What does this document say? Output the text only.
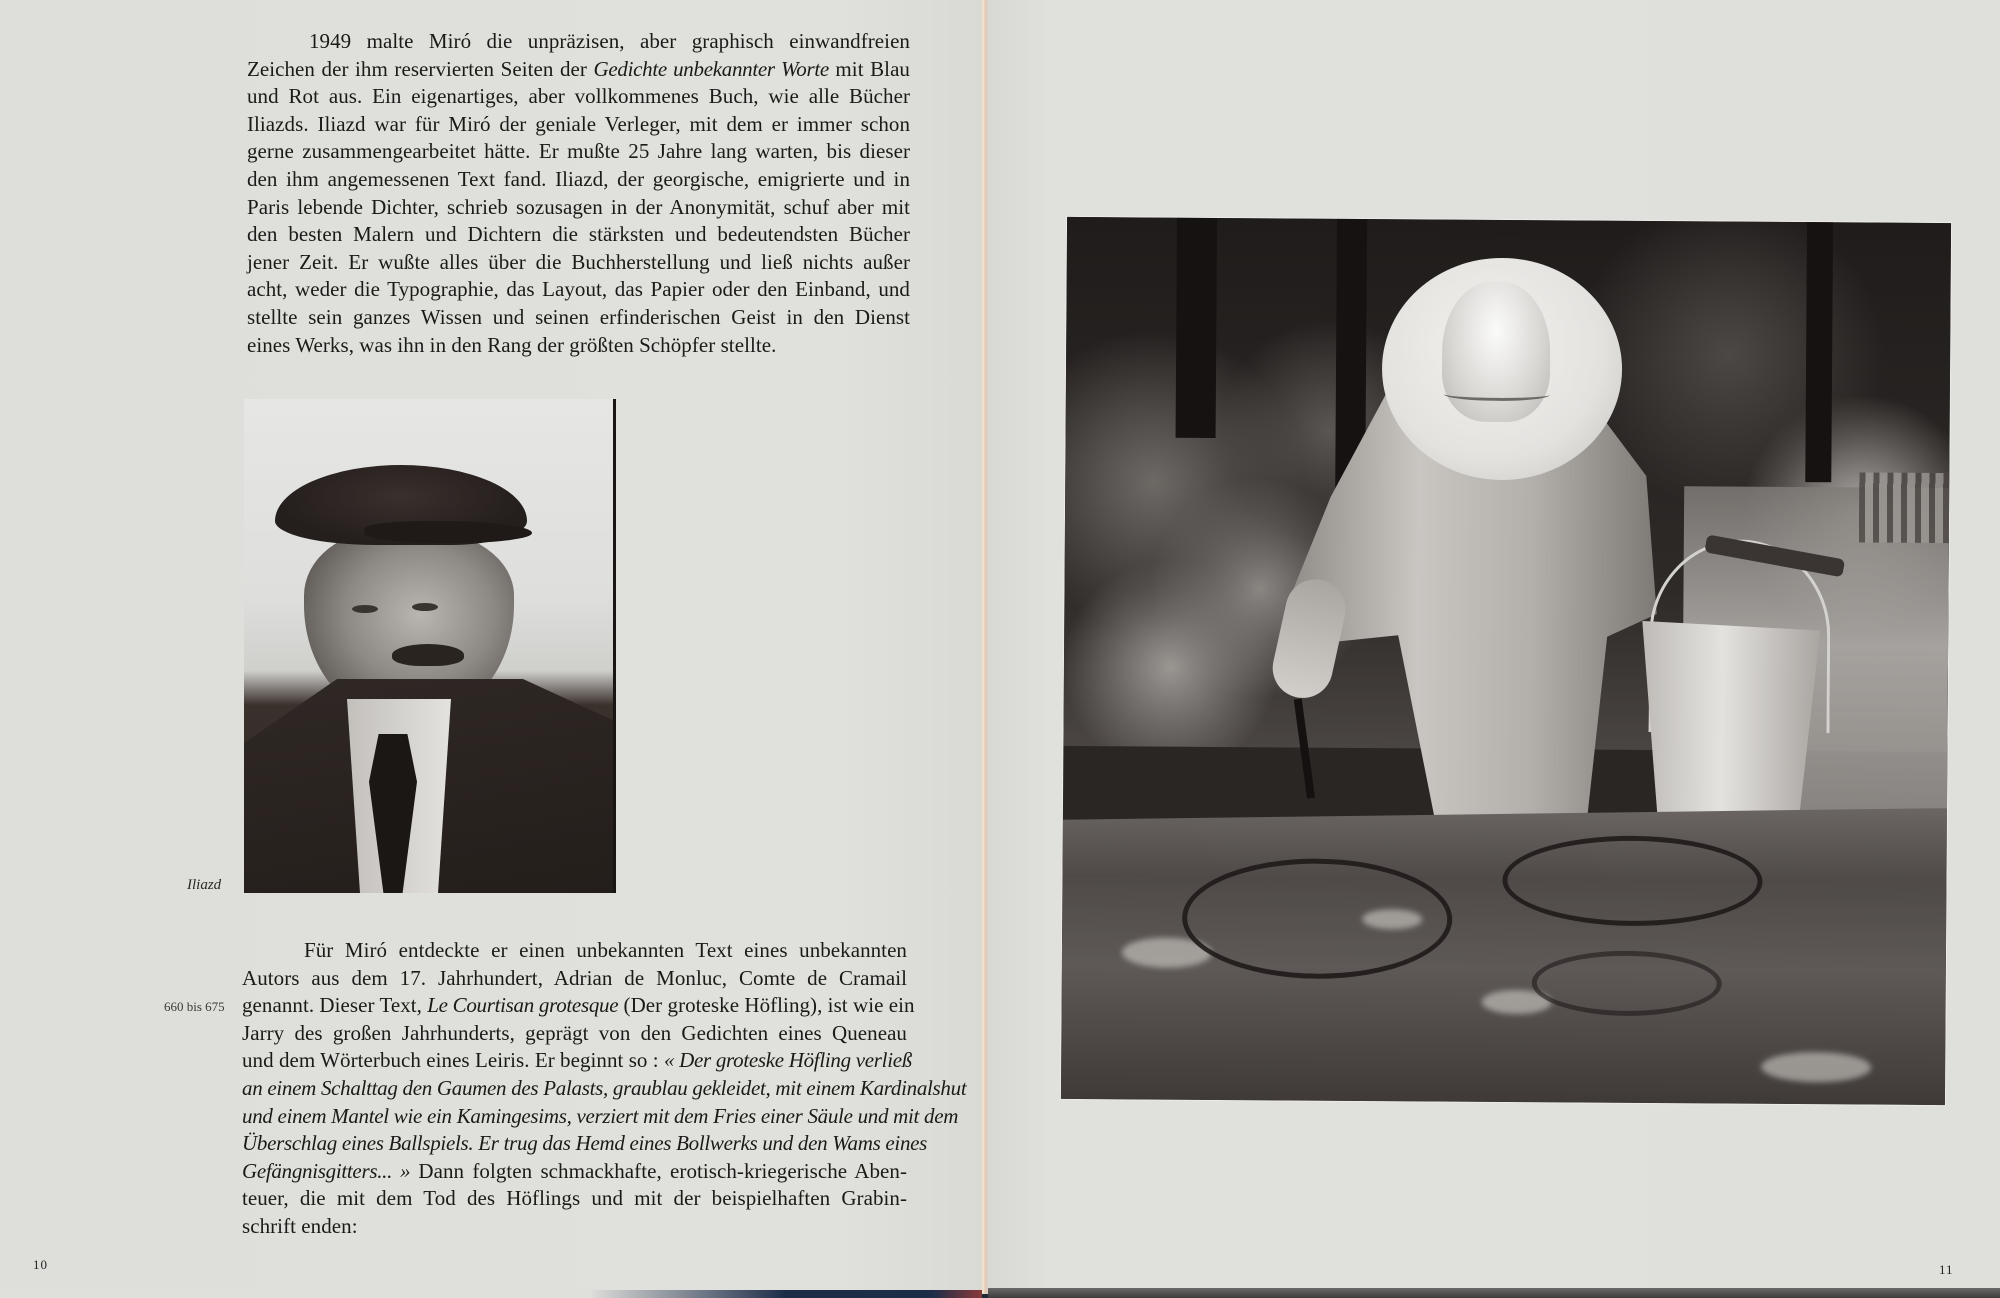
1949 malte Miró die unpräzisen, aber graphisch einwandfreien
Zeichen der ihm reservierten Seiten der Gedichte unbekannter Worte mit Blau
und Rot aus. Ein eigenartiges, aber vollkommenes Buch, wie alle Bücher
Iliazds. Iliazd war für Miró der geniale Verleger, mit dem er immer schon
gerne zusammengearbeitet hätte. Er mußte 25 Jahre lang warten, bis dieser
den ihm angemessenen Text fand. Iliazd, der georgische, emigrierte und in
Paris lebende Dichter, schrieb sozusagen in der Anonymität, schuf aber mit
den besten Malern und Dichtern die stärksten und bedeutendsten Bücher
jener Zeit. Er wußte alles über die Buchherstellung und ließ nichts außer
acht, weder die Typographie, das Layout, das Papier oder den Einband, und
stellte sein ganzes Wissen und seinen erfinderischen Geist in den Dienst
eines Werks, was ihn in den Rang der größten Schöpfer stellte.
Iliazd
660 bis 675
Für Miró entdeckte er einen unbekannten Text eines unbekannten
Autors aus dem 17. Jahrhundert, Adrian de Monluc, Comte de Cramail
genannt. Dieser Text, Le Courtisan grotesque (Der groteske Höfling), ist wie ein
Jarry des großen Jahrhunderts, geprägt von den Gedichten eines Queneau
und dem Wörterbuch eines Leiris. Er beginnt so : « Der groteske Höfling verließ
an einem Schalttag den Gaumen des Palasts, graublau gekleidet, mit einem Kardinalshut
und einem Mantel wie ein Kamingesims, verziert mit dem Fries einer Säule und mit dem
Überschlag eines Ballspiels. Er trug das Hemd eines Bollwerks und den Wams eines
Gefängnisgitters... » Dann folgten schmackhafte, erotisch-kriegerische Aben-
teuer, die mit dem Tod des Höflings und mit der beispielhaften Grabin-
schrift enden:
10	11
